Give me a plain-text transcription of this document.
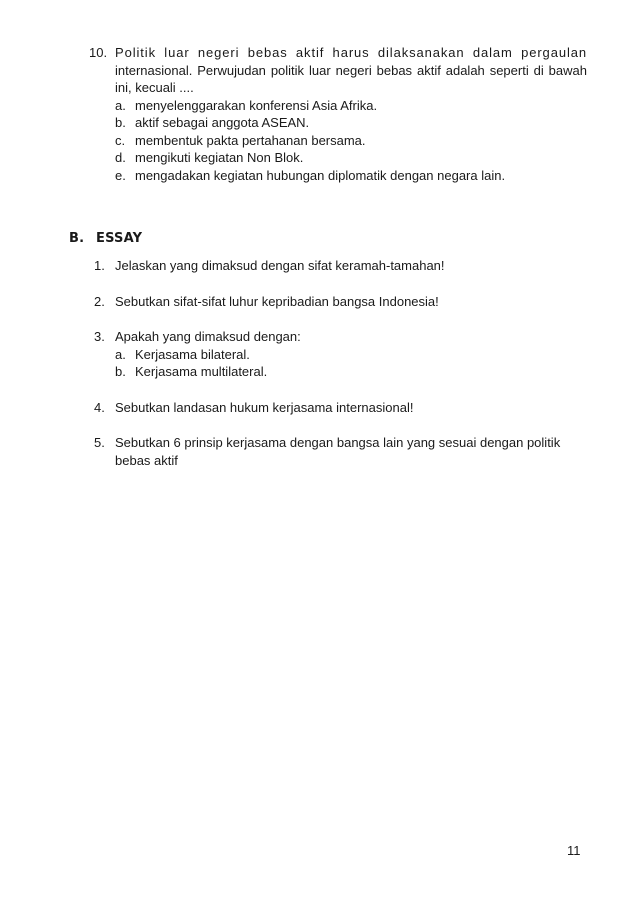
10. Politik luar negeri bebas aktif harus dilaksanakan dalam pergaulan internasional. Perwujudan politik luar negeri bebas aktif adalah seperti di bawah ini, kecuali ....
a. menyelenggarakan konferensi Asia Afrika.
b. aktif sebagai anggota ASEAN.
c. membentuk pakta pertahanan bersama.
d. mengikuti kegiatan Non Blok.
e. mengadakan kegiatan hubungan diplomatik dengan negara lain.
B. ESSAY
1. Jelaskan yang dimaksud dengan sifat keramah-tamahan!
2. Sebutkan sifat-sifat luhur kepribadian bangsa Indonesia!
3. Apakah yang dimaksud dengan:
a. Kerjasama bilateral.
b. Kerjasama multilateral.
4. Sebutkan landasan hukum kerjasama internasional!
5. Sebutkan 6 prinsip kerjasama dengan bangsa lain yang sesuai dengan politik bebas aktif
11
